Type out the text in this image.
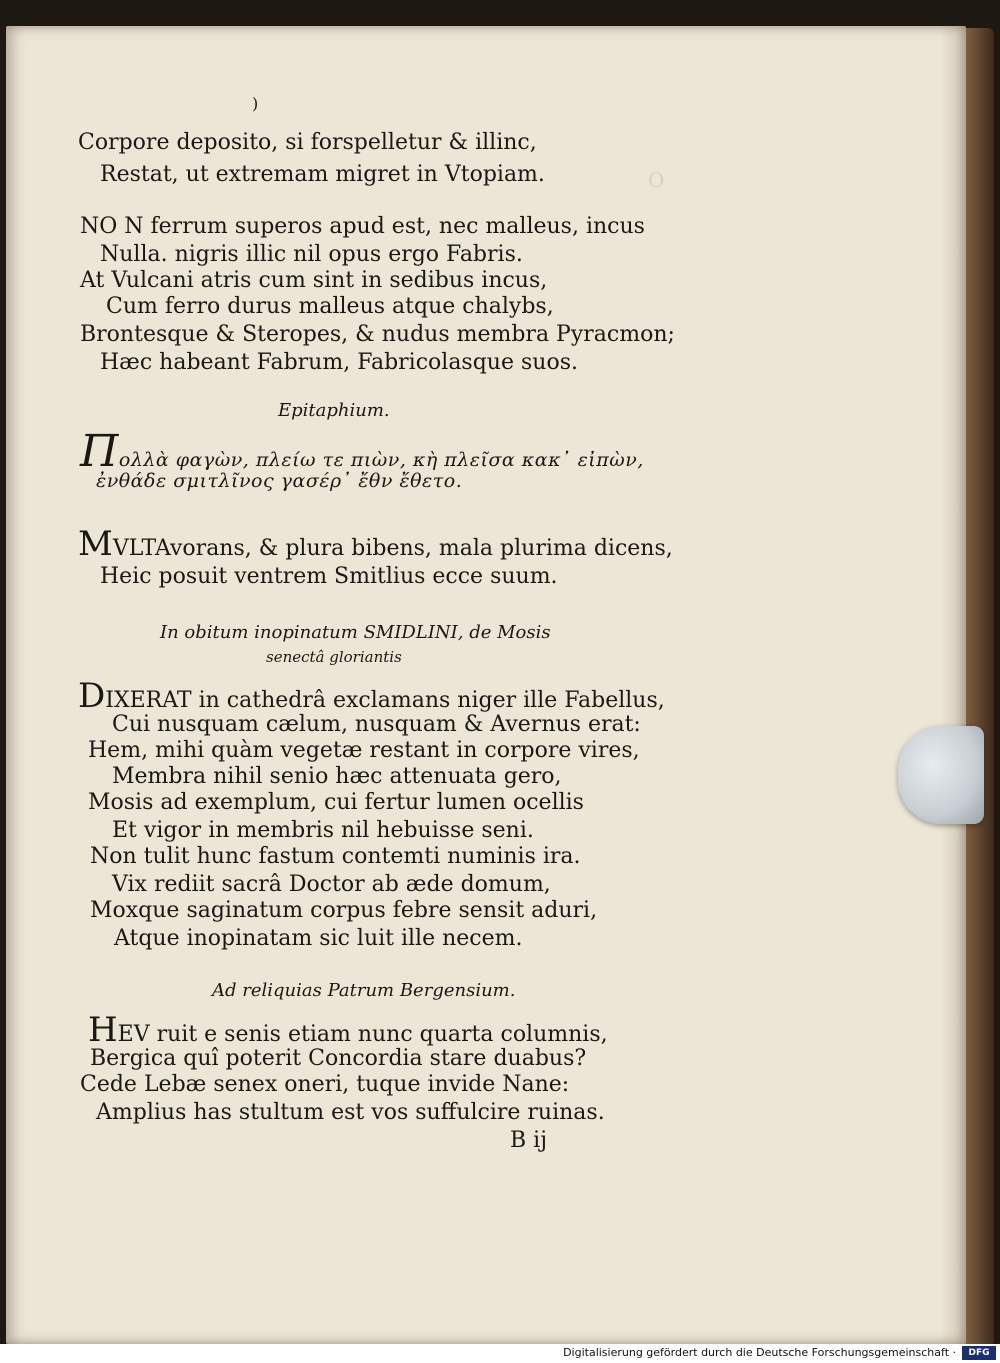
O
)
Corpore deposito, si forspelletur & illinc,
Restat, ut extremam migret in Vtopiam.
NO N ferrum superos apud est, nec malleus, incus
Nulla. nigris illic nil opus ergo Fabris.
At Vulcani atris cum sint in sedibus incus,
Cum ferro durus malleus atque chalybs,
Brontesque & Steropes, & nudus membra Pyracmon;
Hæc habeant Fabrum, Fabricolasque suos.
Epitaphium.
Πολλὰ φαγὼν, πλείω τε πιὼν, κὴ πλεῖσα κακ᾽ εἰπὼν,
ἐνθάδε σμιτλῖνος γασέρ᾽ ἔθν ἔθετο.
MVLTAvorans, & plura bibens, mala plurima dicens,
Heic posuit ventrem Smitlius ecce suum.
In obitum inopinatum SMIDLINI, de Mosis
senectâ gloriantis
DIXERAT in cathedrâ exclamans niger ille Fabellus,
Cui nusquam cælum, nusquam & Avernus erat:
Hem, mihi quàm vegetæ restant in corpore vires,
Membra nihil senio hæc attenuata gero,
Mosis ad exemplum, cui fertur lumen ocellis
Et vigor in membris nil hebuisse seni.
Non tulit hunc fastum contemti numinis ira.
Vix rediit sacrâ Doctor ab æde domum,
Moxque saginatum corpus febre sensit aduri,
Atque inopinatam sic luit ille necem.
Ad reliquias Patrum Bergensium.
HEV ruit e senis etiam nunc quarta columnis,
Bergica quî poterit Concordia stare duabus?
Cede Lebæ senex oneri, tuque invide Nane:
Amplius has stultum est vos suffulcire ruinas.
B ij
Digitalisierung gefördert durch die Deutsche Forschungsgemeinschaft ·	DFG
